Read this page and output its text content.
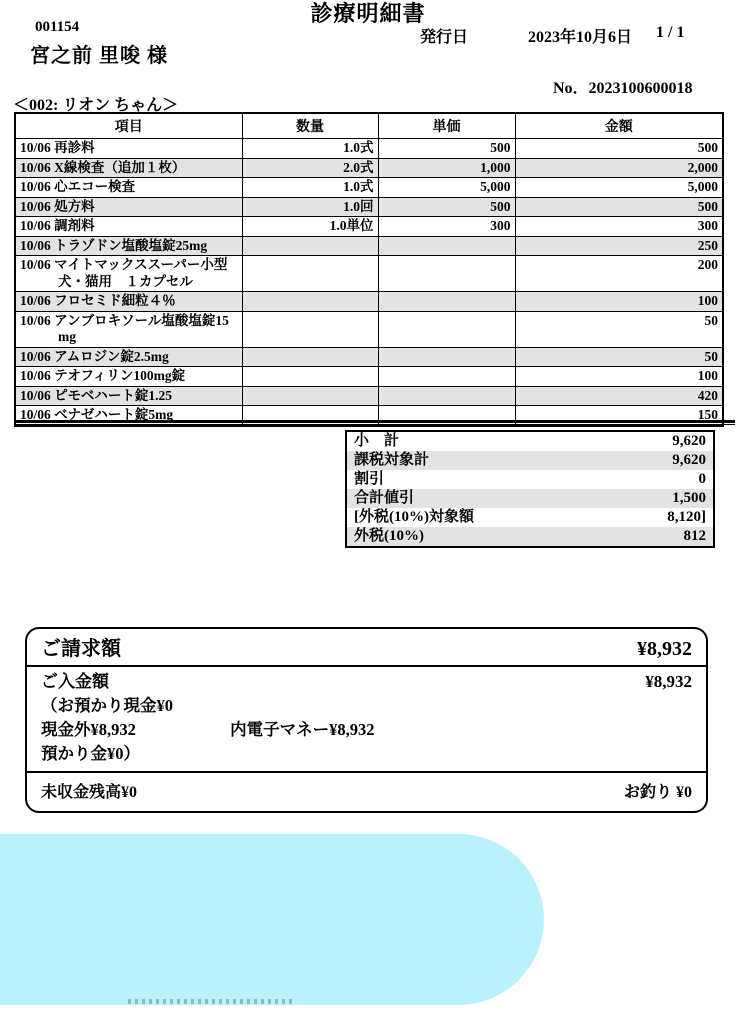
診療明細書
001154
宮之前 里唆 様
発行日	2023年10月6日 1 / 1
No．2023100600018
＜002: リオン ちゃん＞
項目	数量	単価	金額

10/06 再診料	1.0式	500	500

10/06 X線検査（追加１枚）	2.0式	1,000	2,000

10/06 心エコー検査	1.0式	5,000	5,000

10/06 処方料	1.0回	500	500

10/06 調剤料	1.0単位	300	300

10/06 トラゾドン塩酸塩錠25mg			250

10/06 マイトマックススーパー小型
犬・猫用　１カプセル			200

10/06 フロセミド細粒４％			100

10/06 アンブロキソール塩酸塩錠15
mg			50

10/06 アムロジン錠2.5mg			50

10/06 テオフィリン100mg錠			100

10/06 ピモベハート錠1.25			420

10/06 ベナゼハート錠5mg			150
小　計	9,620
課税対象計	9,620
割引	0
合計値引	1,500
[外税(10%)対象額	8,120]
外税(10%)	812
ご請求額	¥8,932
ご入金額	¥8,932
（お預かり現金¥0
現金外¥8,932	内電子マネー¥8,932
預かり金¥0）
未収金残高¥0	お釣り ¥0
